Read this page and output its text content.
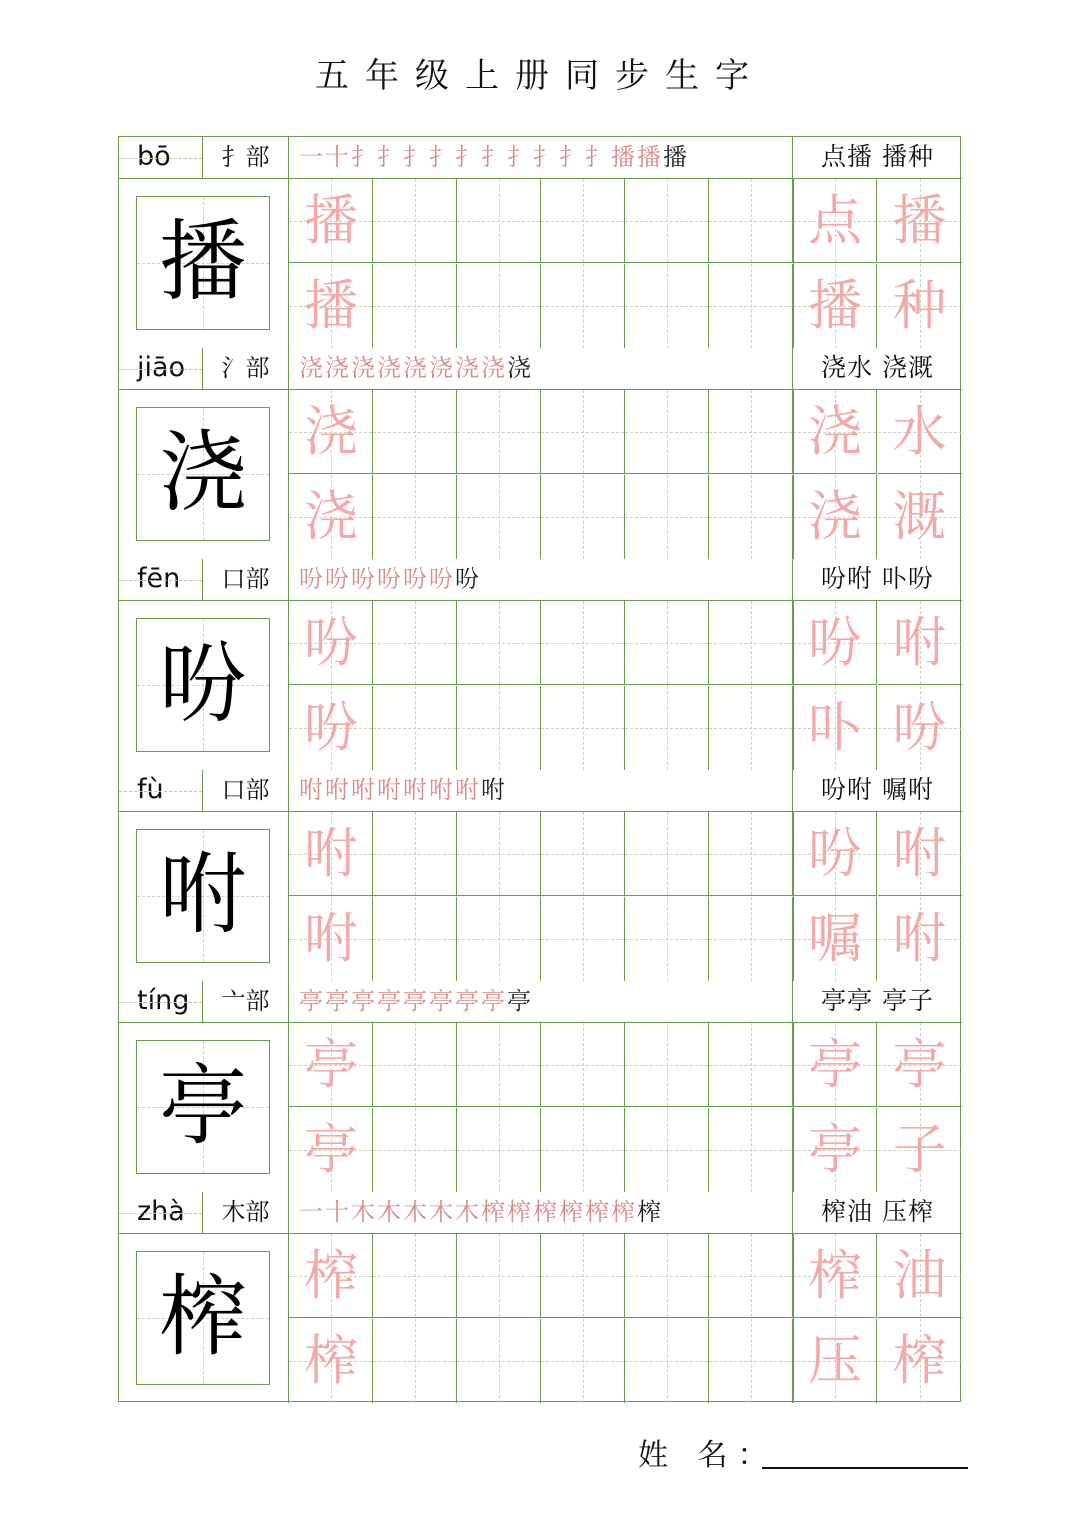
五年级上册同步生字
bō	扌部	一十扌扌扌扌扌扌扌扌扌扌播播播	点播 播种
播	播	点 播
播	播 种
jiāo	氵部	浇浇浇浇浇浇浇浇浇	浇水 浇溉
浇	浇	浇 水
浇	浇 溉
fēn	口部	吩吩吩吩吩吩吩	吩咐 卟吩
吩	吩	吩 咐
吩	卟 吩
fù	口部	咐咐咐咐咐咐咐咐	吩咐 嘱咐
咐	咐	吩 咐
咐	嘱 咐
tíng	亠部	亭亭亭亭亭亭亭亭亭	亭亭 亭子
亭	亭	亭 亭
亭	亭 子
zhà	木部	一十木木木木木榨榨榨榨榨榨榨	榨油 压榨
榨	榨	榨 油
榨	压 榨
姓 名：
